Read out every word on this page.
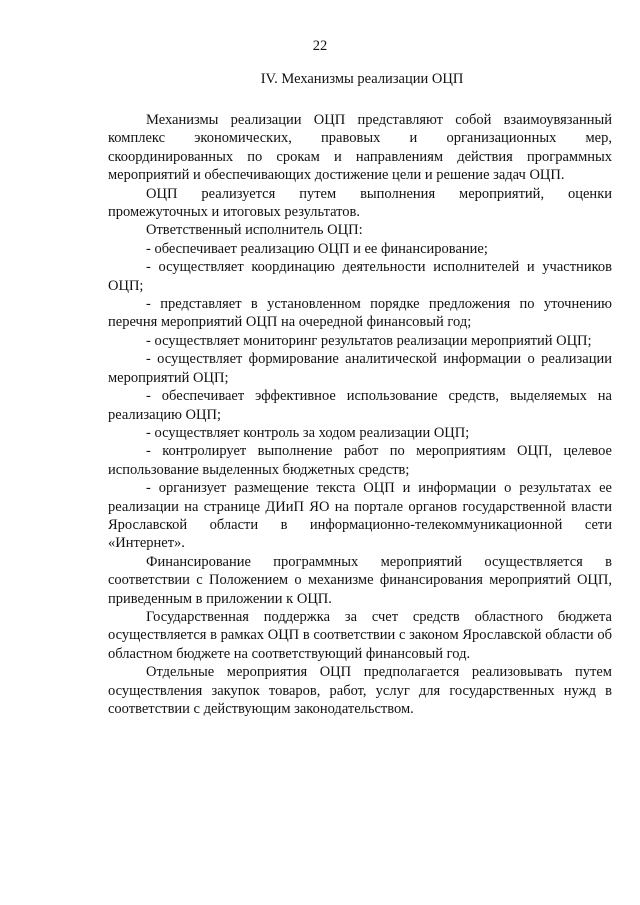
22
IV. Механизмы реализации ОЦП

Механизмы реализации ОЦП представляют собой взаимоувязанный комплекс экономических, правовых и организационных мер, скоординированных по срокам и направлениям действия программных мероприятий и обеспечивающих достижение цели и решение задач ОЦП.

ОЦП реализуется путем выполнения мероприятий, оценки промежуточных и итоговых результатов.

Ответственный исполнитель ОЦП:

- обеспечивает реализацию ОЦП и ее финансирование;

- осуществляет координацию деятельности исполнителей и участников ОЦП;

- представляет в установленном порядке предложения по уточнению перечня мероприятий ОЦП на очередной финансовый год;

- осуществляет мониторинг результатов реализации мероприятий ОЦП;

- осуществляет формирование аналитической информации о реализации мероприятий ОЦП;

- обеспечивает эффективное использование средств, выделяемых на реализацию ОЦП;

- осуществляет контроль за ходом реализации ОЦП;

- контролирует выполнение работ по мероприятиям ОЦП, целевое использование выделенных бюджетных средств;

- организует размещение текста ОЦП и информации о результатах ее реализации на странице ДИиП ЯО на портале органов государственной власти Ярославской области в информационно-телекоммуникационной сети «Интернет».

Финансирование программных мероприятий осуществляется в соответствии с Положением о механизме финансирования мероприятий ОЦП, приведенным в приложении к ОЦП.

Государственная поддержка за счет средств областного бюджета осуществляется в рамках ОЦП в соответствии с законом Ярославской области об областном бюджете на соответствующий финансовый год.

Отдельные мероприятия ОЦП предполагается реализовывать путем осуществления закупок товаров, работ, услуг для государственных нужд в соответствии с действующим законодательством.
